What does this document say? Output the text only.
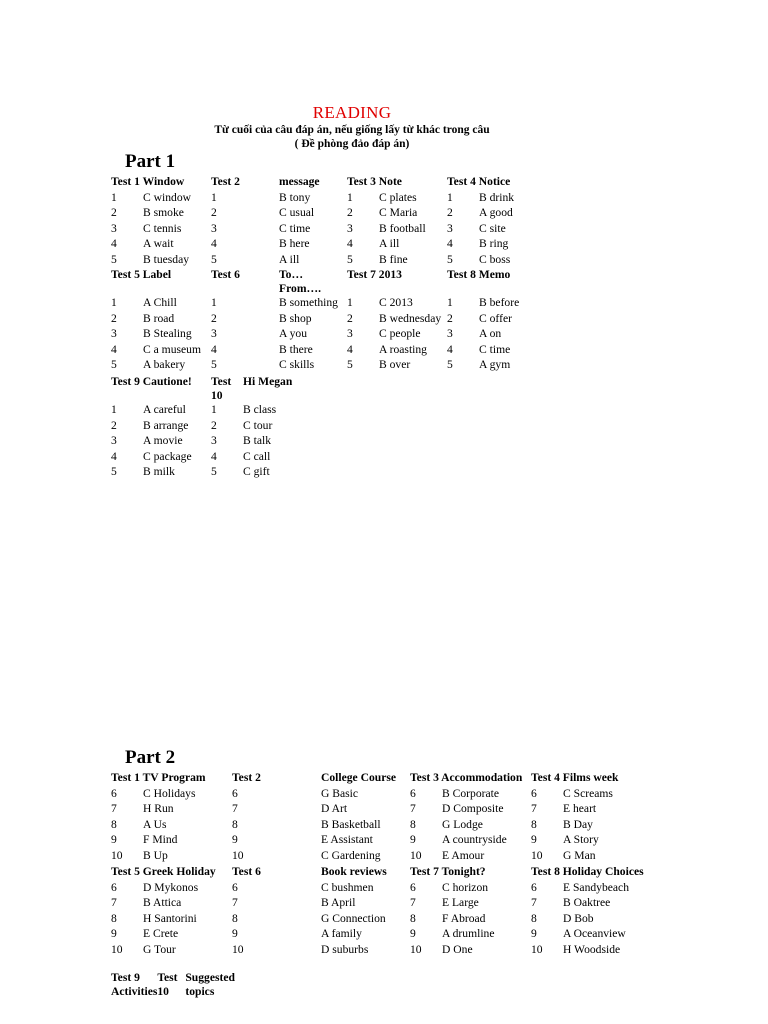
READING
Từ cuối của câu đáp án, nếu giống lấy từ khác trong câu
( Đề phòng đảo đáp án)
Part 1
Test 1 Window		Test 2	message	Test 3 Note		Test 4 Notice	
1	C window	1	B tony	1	C plates	1	B drink
2	B smoke	2	C usual	2	C Maria	2	A good
3	C tennis	3	C time	3	B football	3	C site
4	A wait	4	B here	4	A ill	4	B ring
5	B tuesday	5	A ill	5	B fine	5	C boss
Test 5 Label		Test 6	To… From….	Test 7 2013		Test 8 Memo	
1	A Chill	1	B something	1	C 2013	1	B before
2	B road	2	B shop	2	B wednesday	2	C offer
3	B Stealing	3	A you	3	C people	3	A on
4	C a museum	4	B there	4	A roasting	4	C time
5	A bakery	5	C skills	5	B over	5	A gym
Test 9 Cautione!		Test 10	Hi Megan
1	A careful	1	B class
2	B arrange	2	C tour
3	A movie	3	B talk
4	C package	4	C call
5	B milk	5	C gift
Part 2
Test 1 TV Program		Test 2	College Course	Test 3 Accommodation		Test 4 Films week	
6	C Holidays	6	G Basic	6	B Corporate	6	C Screams
7	H Run	7	D Art	7	D Composite	7	E heart
8	A Us	8	B Basketball	8	G Lodge	8	B Day
9	F Mind	9	E Assistant	9	A countryside	9	A Story
10	B Up	10	C Gardening	10	E Amour	10	G Man
Test 5 Greek Holiday		Test 6	Book reviews	Test 7 Tonight?		Test 8 Holiday Choices	
6	D Mykonos	6	C bushmen	6	C horizon	6	E Sandybeach
7	B Attica	7	B April	7	E Large	7	B Oaktree
8	H Santorini	8	G Connection	8	F Abroad	8	D Bob
9	E Crete	9	A family	9	A drumline	9	A Oceanview
10	G Tour	10	D suburbs	10	D One	10	H Woodside
Test 9 Activities	Test 10	Suggested topics
